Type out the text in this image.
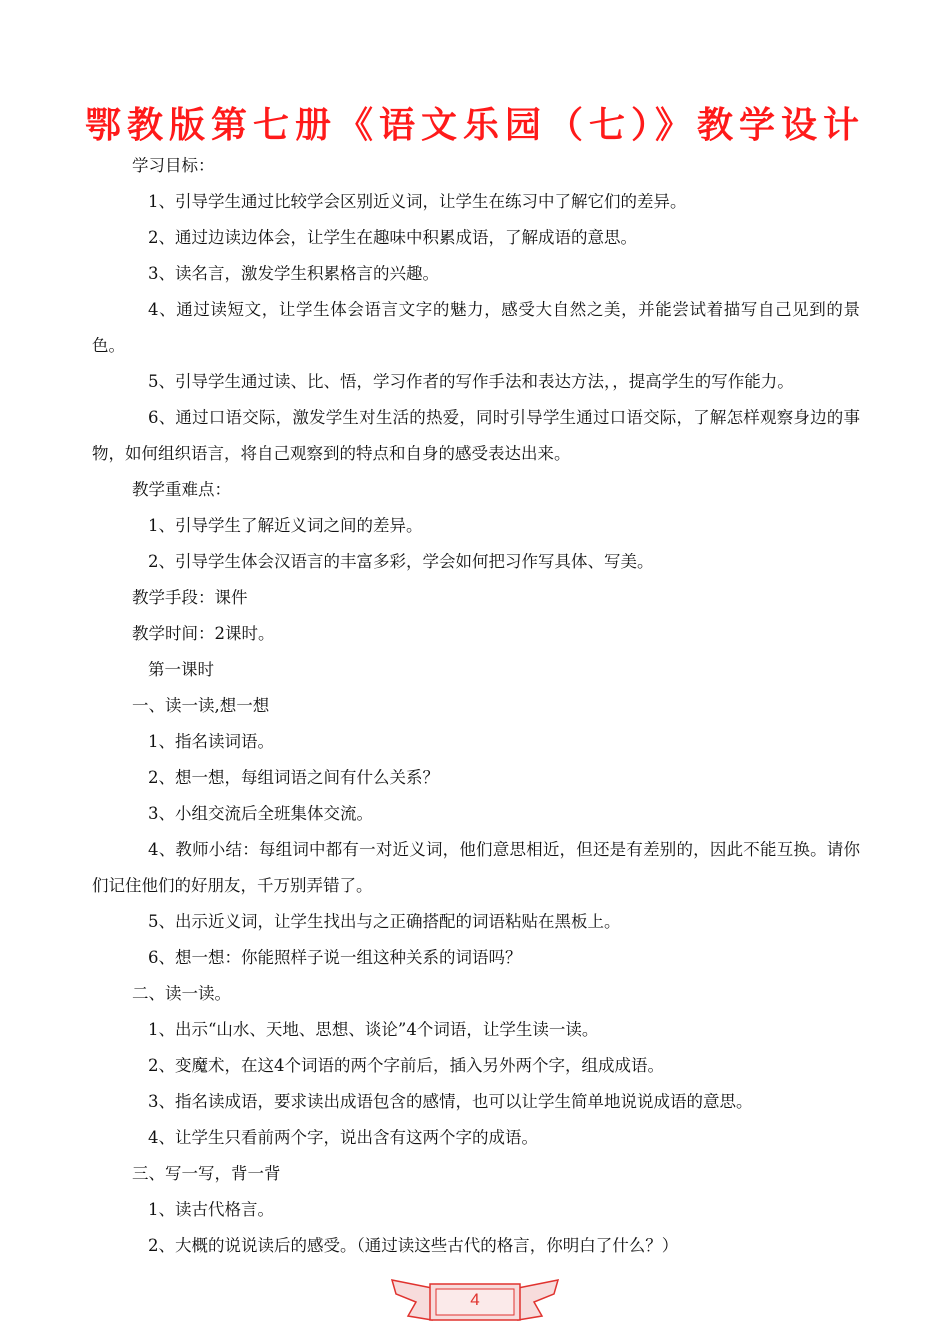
鄂教版第七册《语文乐园（七）》教学设计

学习目标：

1、引导学生通过比较学会区别近义词，让学生在练习中了解它们的差异。

2、通过边读边体会，让学生在趣味中积累成语，了解成语的意思。

3、读名言，激发学生积累格言的兴趣。

4、通过读短文，让学生体会语言文字的魅力，感受大自然之美，并能尝试着描写自己见到的景色。

5、引导学生通过读、比、悟，学习作者的写作手法和表达方法，，提高学生的写作能力。

6、通过口语交际，激发学生对生活的热爱，同时引导学生通过口语交际，了解怎样观察身边的事物，如何组织语言，将自己观察到的特点和自身的感受表达出来。

教学重难点：

1、引导学生了解近义词之间的差异。

2、引导学生体会汉语言的丰富多彩，学会如何把习作写具体、写美。

教学手段：课件

教学时间：2课时。

第一课时

一、读一读,想一想

1、指名读词语。

2、想一想，每组词语之间有什么关系？

3、小组交流后全班集体交流。

4、教师小结：每组词中都有一对近义词，他们意思相近，但还是有差别的，因此不能互换。请你们记住他们的好朋友，千万别弄错了。

5、出示近义词，让学生找出与之正确搭配的词语粘贴在黑板上。

6、想一想：你能照样子说一组这种关系的词语吗？

二、读一读。

1、出示“山水、天地、思想、谈论”4个词语，让学生读一读。

2、变魔术，在这4个词语的两个字前后，插入另外两个字，组成成语。

3、指名读成语，要求读出成语包含的感情，也可以让学生简单地说说成语的意思。

4、让学生只看前两个字，说出含有这两个字的成语。

三、写一写，背一背

1、读古代格言。

2、大概的说说读后的感受。（通过读这些古代的格言，你明白了什么？）

4
